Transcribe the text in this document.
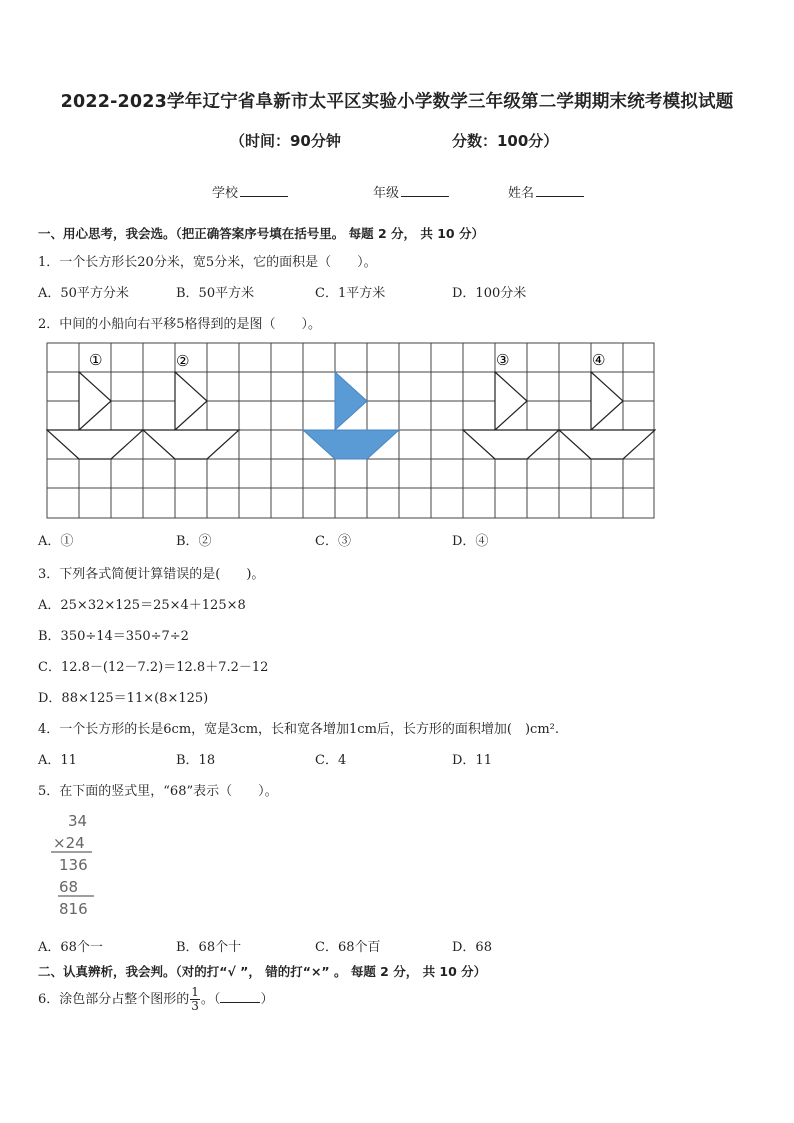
2022-2023学年辽宁省阜新市太平区实验小学数学三年级第二学期期末统考模拟试题
（时间：90分钟	分数：100分）
学校	年级	姓名
一、用心思考，我会选。（把正确答案序号填在括号里。 每题 2 分， 共 10 分）
1．一个长方形长20分米，宽5分米，它的面积是（　　）。
A．50平方分米	B．50平方米	C．1平方米	D．100分米
2．中间的小船向右平移5格得到的是图（　　）。
①	②	③	④
A．①	B．②	C．③	D．④
3．下列各式简便计算错误的是(　　)。
A．25×32×125＝25×4＋125×8
B．350÷14＝350÷7÷2
C．12.8－(12－7.2)＝12.8＋7.2－12
D．88×125＝11×(8×125)
4．一个长方形的长是6cm，宽是3cm，长和宽各增加1cm后，长方形的面积增加(　)cm².
A．11	B．18	C．4	D．11
5．在下面的竖式里，“68”表示（　　）。
34
×24
136
68
816
A．68个一	B．68个十	C．68个百	D．68
二、认真辨析，我会判。（对的打“√ ”， 错的打“×” 。 每题 2 分， 共 10 分）
6．涂色部分占整个图形的 $\frac{1}{3}$ 。（	）
